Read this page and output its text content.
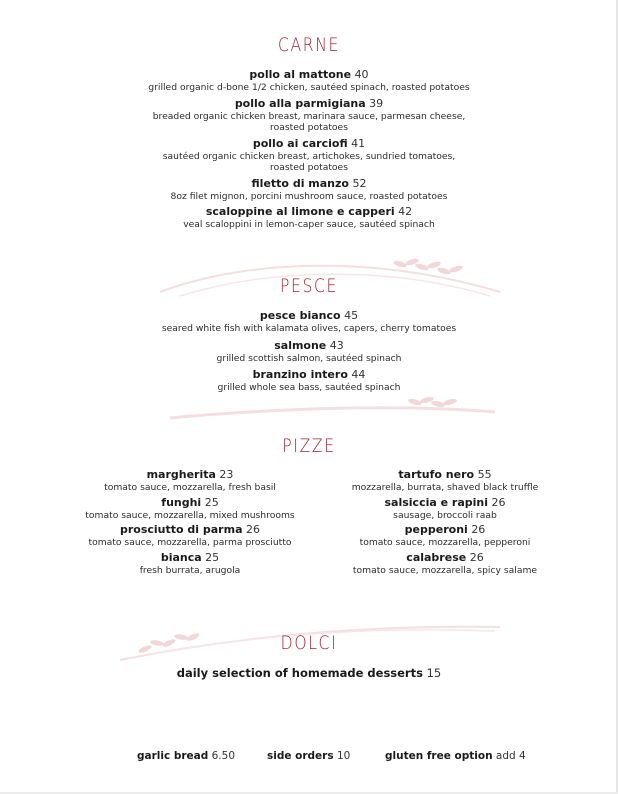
CARNE
pollo al mattone 40
grilled organic d-bone 1/2 chicken, sautéed spinach, roasted potatoes
pollo alla parmigiana 39
breaded organic chicken breast, marinara sauce, parmesan cheese,
roasted potatoes
pollo ai carciofi 41
sautéed organic chicken breast, artichokes, sundried tomatoes,
roasted potatoes
filetto di manzo 52
8oz filet mignon, porcini mushroom sauce, roasted potatoes
scaloppine al limone e capperi 42
veal scaloppini in lemon-caper sauce, sautéed spinach
PESCE
pesce bianco 45
seared white fish with kalamata olives, capers, cherry tomatoes
salmone 43
grilled scottish salmon, sautéed spinach
branzino intero 44
grilled whole sea bass, sautéed spinach
PIZZE
margherita 23
tomato sauce, mozzarella, fresh basil
funghi 25
tomato sauce, mozzarella, mixed mushrooms
prosciutto di parma 26
tomato sauce, mozzarella, parma prosciutto
bianca 25
fresh burrata, arugola
tartufo nero 55
mozzarella, burrata, shaved black truffle
salsiccia e rapini 26
sausage, broccoli raab
pepperoni 26
tomato sauce, mozzarella, pepperoni
calabrese 26
tomato sauce, mozzarella, spicy salame
DOLCI
daily selection of homemade desserts 15
garlic bread 6.50	side orders 10	gluten free option add 4
